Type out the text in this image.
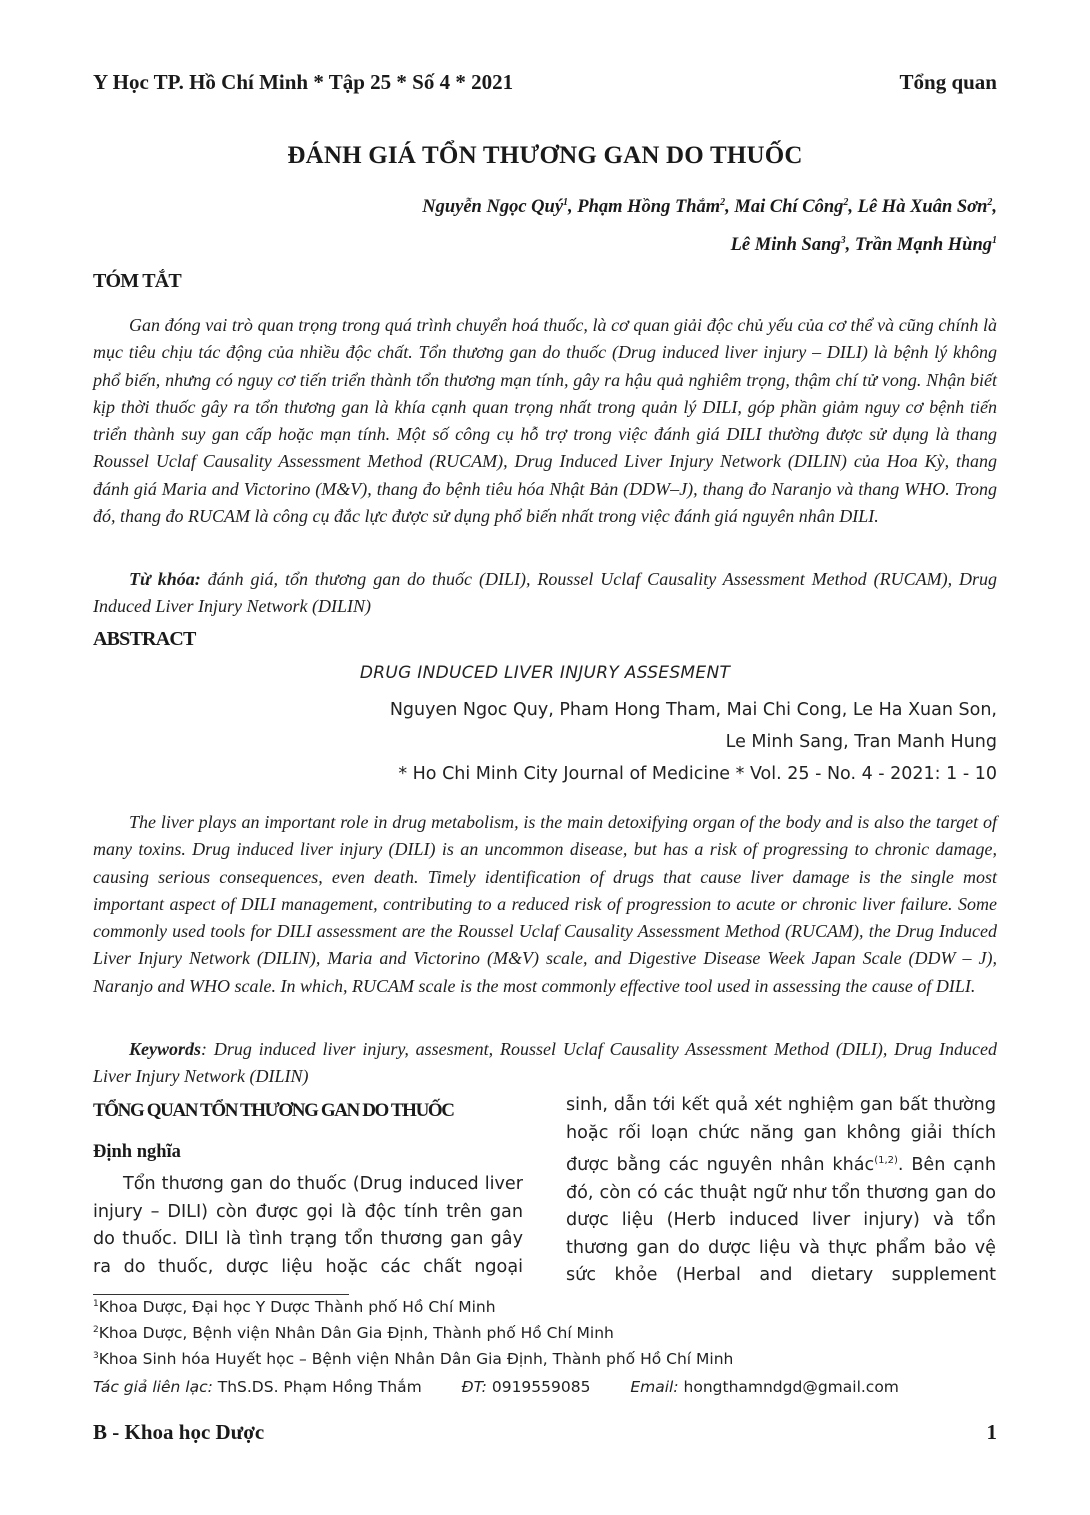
Y Học TP. Hồ Chí Minh * Tập 25 * Số 4 * 2021	Tổng quan
ĐÁNH GIÁ TỔN THƯƠNG GAN DO THUỐC
Nguyễn Ngọc Quý$^1$, Phạm Hồng Thắm$^2$, Mai Chí Công$^2$, Lê Hà Xuân Sơn$^2$,
Lê Minh Sang$^3$, Trần Mạnh Hùng$^1$
TÓM TẮT
Gan đóng vai trò quan trọng trong quá trình chuyển hoá thuốc, là cơ quan giải độc chủ yếu của cơ thể và cũng chính là mục tiêu chịu tác động của nhiều độc chất. Tổn thương gan do thuốc (Drug induced liver injury – DILI) là bệnh lý không phổ biến, nhưng có nguy cơ tiến triển thành tổn thương mạn tính, gây ra hậu quả nghiêm trọng, thậm chí tử vong. Nhận biết kịp thời thuốc gây ra tổn thương gan là khía cạnh quan trọng nhất trong quản lý DILI, góp phần giảm nguy cơ bệnh tiến triển thành suy gan cấp hoặc mạn tính. Một số công cụ hỗ trợ trong việc đánh giá DILI thường được sử dụng là thang Roussel Uclaf Causality Assessment Method (RUCAM), Drug Induced Liver Injury Network (DILIN) của Hoa Kỳ, thang đánh giá Maria and Victorino (M&V), thang đo bệnh tiêu hóa Nhật Bản (DDW–J), thang đo Naranjo và thang WHO. Trong đó, thang đo RUCAM là công cụ đắc lực được sử dụng phổ biến nhất trong việc đánh giá nguyên nhân DILI.
Từ khóa: đánh giá, tổn thương gan do thuốc (DILI), Roussel Uclaf Causality Assessment Method (RUCAM), Drug Induced Liver Injury Network (DILIN)
ABSTRACT
DRUG INDUCED LIVER INJURY ASSESMENT
Nguyen Ngoc Quy, Pham Hong Tham, Mai Chi Cong, Le Ha Xuan Son,
Le Minh Sang, Tran Manh Hung
* Ho Chi Minh City Journal of Medicine * Vol. 25 - No. 4 - 2021: 1 - 10
The liver plays an important role in drug metabolism, is the main detoxifying organ of the body and is also the target of many toxins. Drug induced liver injury (DILI) is an uncommon disease, but has a risk of progressing to chronic damage, causing serious consequences, even death. Timely identification of drugs that cause liver damage is the single most important aspect of DILI management, contributing to a reduced risk of progression to acute or chronic liver failure. Some commonly used tools for DILI assessment are the Roussel Uclaf Causality Assessment Method (RUCAM), the Drug Induced Liver Injury Network (DILIN), Maria and Victorino (M&V) scale, and Digestive Disease Week Japan Scale (DDW – J), Naranjo and WHO scale. In which, RUCAM scale is the most commonly effective tool used in assessing the cause of DILI.
Keywords: Drug induced liver injury, assesment, Roussel Uclaf Causality Assessment Method (DILI), Drug Induced Liver Injury Network (DILIN)
TỔNG QUAN TỔN THƯƠNG GAN DO THUỐC
Định nghĩa
Tổn thương gan do thuốc (Drug induced liver injury – DILI) còn được gọi là độc tính trên gan do thuốc. DILI là tình trạng tổn thương gan gây ra do thuốc, dược liệu hoặc các chất ngoại
sinh, dẫn tới kết quả xét nghiệm gan bất thường hoặc rối loạn chức năng gan không giải thích được bằng các nguyên nhân khác$^{(1,2)}$. Bên cạnh đó, còn có các thuật ngữ như tổn thương gan do dược liệu (Herb induced liver injury) và tổn thương gan do dược liệu và thực phẩm bảo vệ sức khỏe (Herbal and dietary supplement
$^1$Khoa Dược, Đại học Y Dược Thành phố Hồ Chí Minh
$^2$Khoa Dược, Bệnh viện Nhân Dân Gia Định, Thành phố Hồ Chí Minh
$^3$Khoa Sinh hóa Huyết học – Bệnh viện Nhân Dân Gia Định, Thành phố Hồ Chí Minh
Tác giả liên lạc: ThS.DS. Phạm Hồng Thắm	ĐT: 0919559085	Email: hongthamndgd@gmail.com
B - Khoa học Dược	1
